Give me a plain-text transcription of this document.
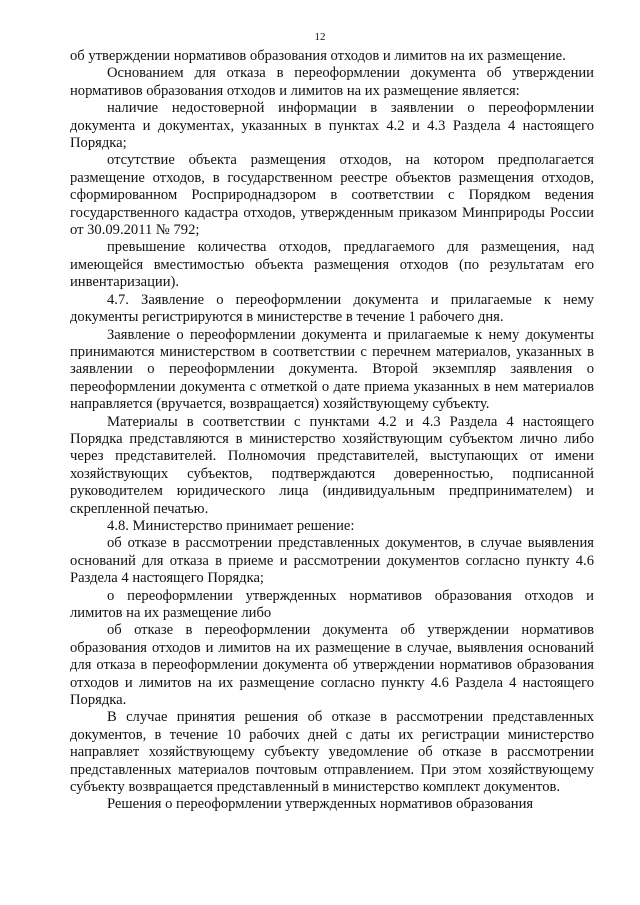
12

об утверждении нормативов образования отходов и лимитов на их размещение.

Основанием для отказа в переоформлении документа об утверждении нормативов образования отходов и лимитов на их размещение является:

наличие недостоверной информации в заявлении о переоформлении документа и документах, указанных в пунктах 4.2 и 4.3 Раздела 4 настоящего Порядка;

отсутствие объекта размещения отходов, на котором предполагается размещение отходов, в государственном реестре объектов размещения отходов, сформированном Росприроднадзором в соответствии с Порядком ведения государственного кадастра отходов, утвержденным приказом Минприроды России от 30.09.2011 № 792;

превышение количества отходов, предлагаемого для размещения, над имеющейся вместимостью объекта размещения отходов (по результатам его инвентаризации).

4.7. Заявление о переоформлении документа и прилагаемые к нему документы регистрируются в министерстве в течение 1 рабочего дня.

Заявление о переоформлении документа и прилагаемые к нему документы принимаются министерством в соответствии с перечнем материалов, указанных в заявлении о переоформлении документа. Второй экземпляр заявления о переоформлении документа с отметкой о дате приема указанных в нем материалов направляется (вручается, возвращается) хозяйствующему субъекту.

Материалы в соответствии с пунктами 4.2 и 4.3 Раздела 4 настоящего Порядка представляются в министерство хозяйствующим субъектом лично либо через представителей. Полномочия представителей, выступающих от имени хозяйствующих субъектов, подтверждаются доверенностью, подписанной руководителем юридического лица (индивидуальным предпринимателем) и скрепленной печатью.

4.8. Министерство принимает решение:

об отказе в рассмотрении представленных документов, в случае выявления оснований для отказа в приеме и рассмотрении документов согласно пункту 4.6 Раздела 4 настоящего Порядка;

о переоформлении утвержденных нормативов образования отходов и лимитов на их размещение либо

об отказе в переоформлении документа об утверждении нормативов образования отходов и лимитов на их размещение в случае, выявления оснований для отказа в переоформлении документа об утверждении нормативов образования отходов и лимитов на их размещение согласно пункту 4.6 Раздела 4 настоящего Порядка.

В случае принятия решения об отказе в рассмотрении представленных документов, в течение 10 рабочих дней с даты их регистрации министерство направляет хозяйствующему субъекту уведомление об отказе в рассмотрении представленных материалов почтовым отправлением. При этом хозяйствующему субъекту возвращается представленный в министерство комплект документов.

Решения о переоформлении утвержденных нормативов образования
